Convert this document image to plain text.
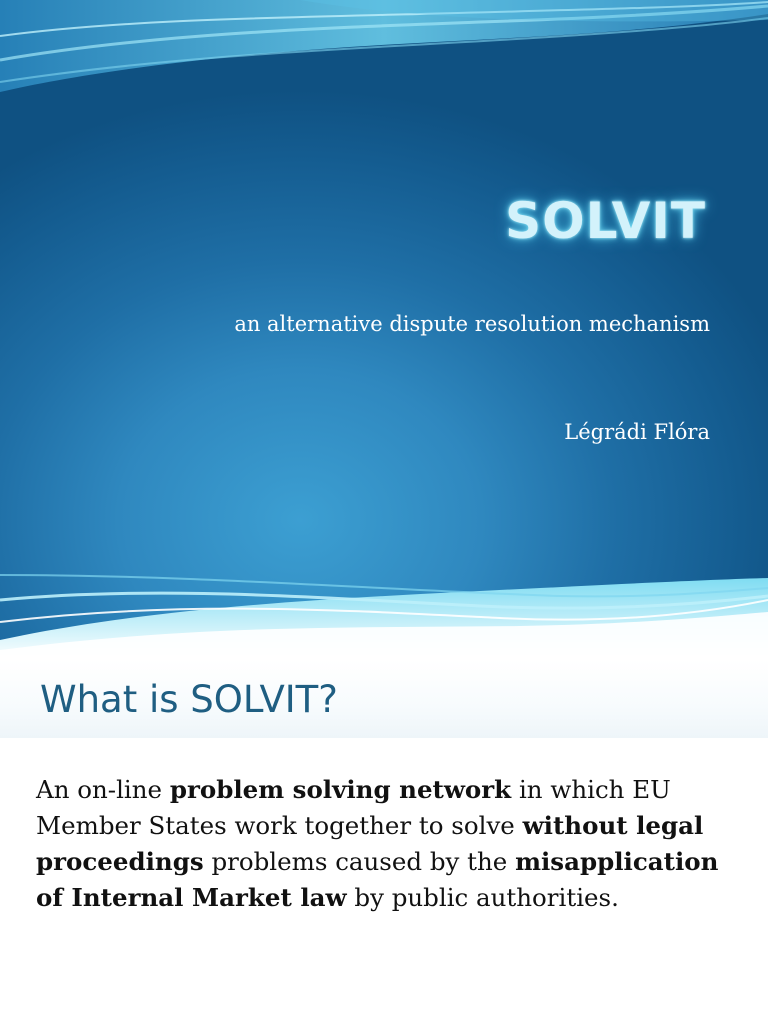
SOLVIT
an alternative dispute resolution mechanism
Légrádi Flóra
What is SOLVIT?
An on-line problem solving network in which EU Member States work together to solve without legal proceedings problems caused by the misapplication of Internal Market law by public authorities.
